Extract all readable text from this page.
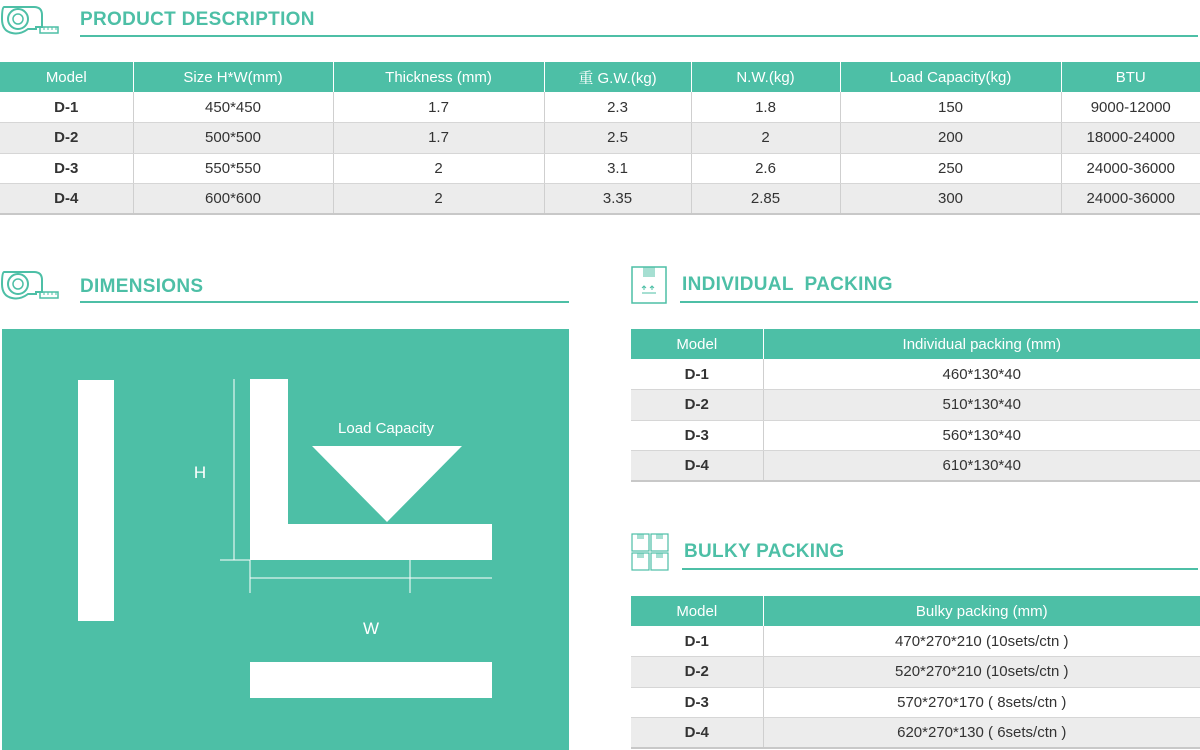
PRODUCT DESCRIPTION
Model	Size H*W(mm)	Thickness (mm)	重 G.W.(kg)	N.W.(kg)	Load Capacity(kg)	BTU
D-1	450*450	1.7	2.3	1.8	150	9000-12000
D-2	500*500	1.7	2.5	2	200	18000-24000
D-3	550*550	2	3.1	2.6	250	24000-36000
D-4	600*600	2	3.35	2.85	300	24000-36000
DIMENSIONS
Load Capacity
H
W
INDIVIDUAL  PACKING
Model	Individual packing (mm)
D-1	460*130*40
D-2	510*130*40
D-3	560*130*40
D-4	610*130*40
BULKY PACKING
Model	Bulky packing (mm)
D-1	470*270*210 (10sets/ctn )
D-2	520*270*210 (10sets/ctn )
D-3	570*270*170 ( 8sets/ctn )
D-4	620*270*130 ( 6sets/ctn )
